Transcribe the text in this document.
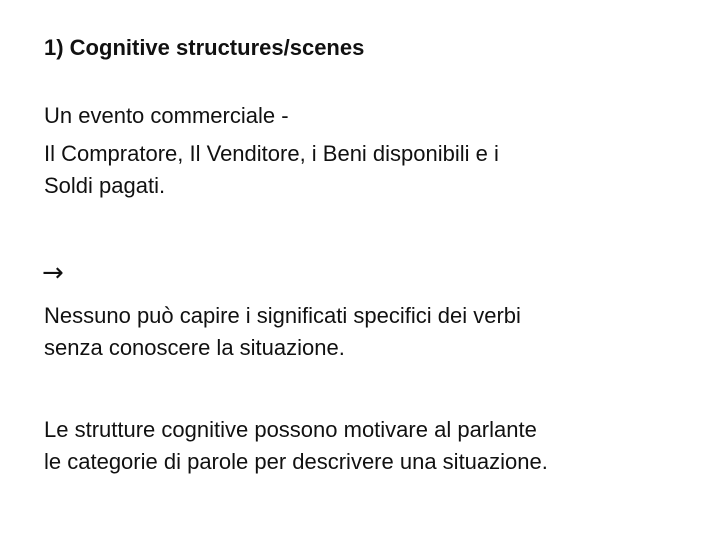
1) Cognitive structures/scenes
Un evento commerciale -
Il Compratore, Il Venditore, i Beni disponibili e i
Soldi pagati.
→
Nessuno può capire i significati specifici dei verbi
senza conoscere la situazione.
Le strutture cognitive possono motivare al parlante
le categorie di parole per descrivere una situazione.
